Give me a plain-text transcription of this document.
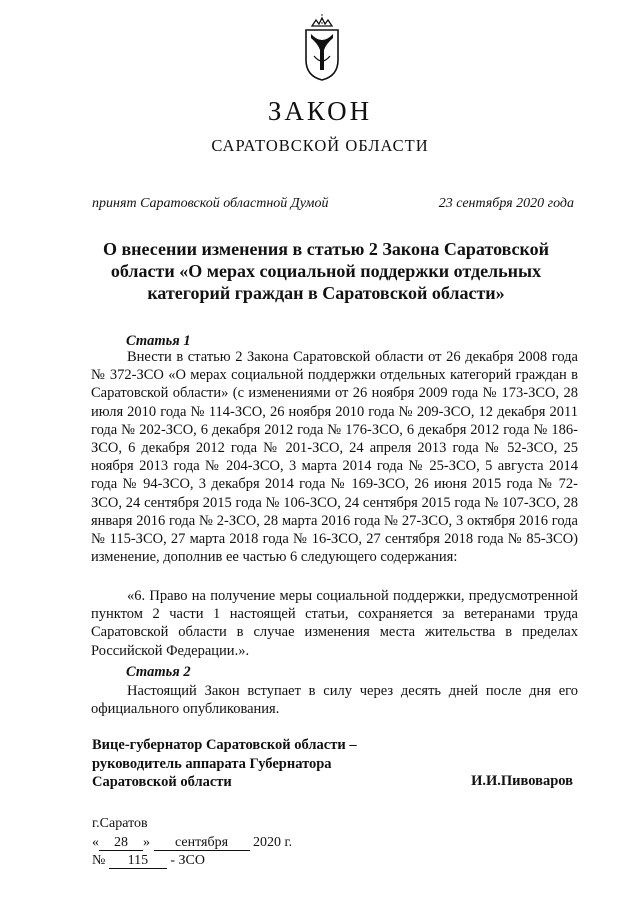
ЗАКОН
САРАТОВСКОЙ ОБЛАСТИ
принят Саратовской областной Думой	23 сентября 2020 года
О внесении изменения в статью 2 Закона Саратовской области «О мерах социальной поддержки отдельных категорий граждан в Саратовской области»
Статья 1
Внести в статью 2 Закона Саратовской области от 26 декабря 2008 года № 372-ЗСО «О мерах социальной поддержки отдельных категорий граждан в Саратовской области» (с изменениями от 26 ноября 2009 года № 173-ЗСО, 28 июля 2010 года № 114-ЗСО, 26 ноября 2010 года № 209-ЗСО, 12 декабря 2011 года № 202-ЗСО, 6 декабря 2012 года № 176-ЗСО, 6 декабря 2012 года № 186-ЗСО, 6 декабря 2012 года № 201-ЗСО, 24 апреля 2013 года № 52-ЗСО, 25 ноября 2013 года № 204-ЗСО, 3 марта 2014 года № 25-ЗСО, 5 августа 2014 года № 94-ЗСО, 3 декабря 2014 года № 169-ЗСО, 26 июня 2015 года № 72-ЗСО, 24 сентября 2015 года № 106-ЗСО, 24 сентября 2015 года № 107-ЗСО, 28 января 2016 года № 2-ЗСО, 28 марта 2016 года № 27-ЗСО, 3 октября 2016 года № 115-ЗСО, 27 марта 2018 года № 16-ЗСО, 27 сентября 2018 года № 85-ЗСО) изменение, дополнив ее частью 6 следующего содержания:
«6. Право на получение меры социальной поддержки, предусмотренной пунктом 2 части 1 настоящей статьи, сохраняется за ветеранами труда Саратовской области в случае изменения места жительства в пределах Российской Федерации.».
Статья 2
Настоящий Закон вступает в силу через десять дней после дня его официального опубликования.
Вице-губернатор Саратовской области –
руководитель аппарата Губернатора
Саратовской области	И.И.Пивоваров
г.Саратов
« 28 » сентября 2020 г.
№ 115 - ЗСО
